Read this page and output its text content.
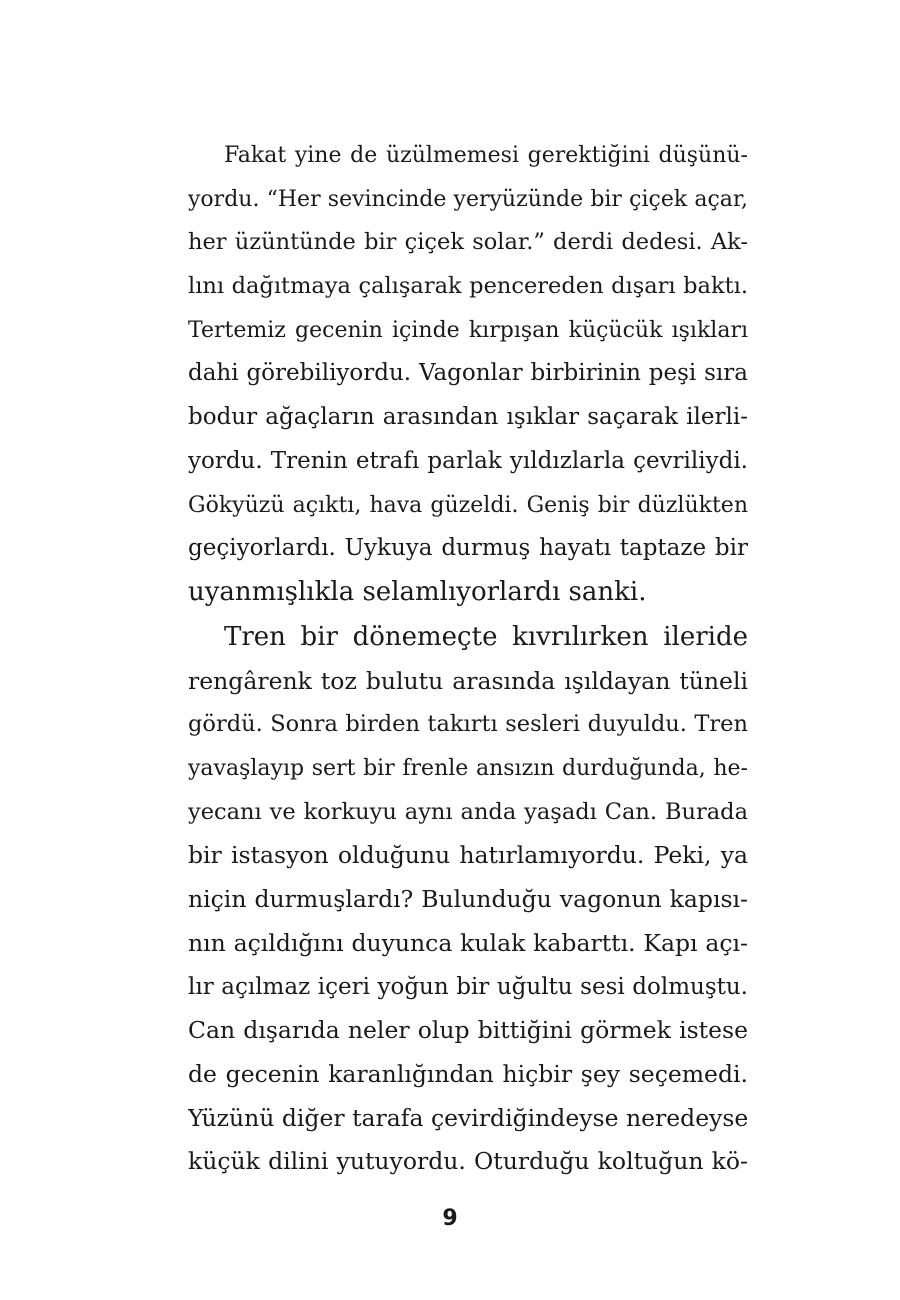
Fakat yine de üzülmemesi gerektiğini düşünü-
yordu. “Her sevincinde yeryüzünde bir çiçek açar,
her üzüntünde bir çiçek solar.” derdi dedesi. Ak-
lını dağıtmaya çalışarak pencereden dışarı baktı.
Tertemiz gecenin içinde kırpışan küçücük ışıkları
dahi görebiliyordu. Vagonlar birbirinin peşi sıra
bodur ağaçların arasından ışıklar saçarak ilerli-
yordu. Trenin etrafı parlak yıldızlarla çevriliydi.
Gökyüzü açıktı, hava güzeldi. Geniş bir düzlükten
geçiyorlardı. Uykuya durmuş hayatı taptaze bir
uyanmışlıkla selamlıyorlardı sanki.
Tren bir dönemeçte kıvrılırken ileride
rengârenk toz bulutu arasında ışıldayan tüneli
gördü. Sonra birden takırtı sesleri duyuldu. Tren
yavaşlayıp sert bir frenle ansızın durduğunda, he-
yecanı ve korkuyu aynı anda yaşadı Can. Burada
bir istasyon olduğunu hatırlamıyordu. Peki, ya
niçin durmuşlardı? Bulunduğu vagonun kapısı-
nın açıldığını duyunca kulak kabarttı. Kapı açı-
lır açılmaz içeri yoğun bir uğultu sesi dolmuştu.
Can dışarıda neler olup bittiğini görmek istese
de gecenin karanlığından hiçbir şey seçemedi.
Yüzünü diğer tarafa çevirdiğindeyse neredeyse
küçük dilini yutuyordu. Oturduğu koltuğun kö-
9
